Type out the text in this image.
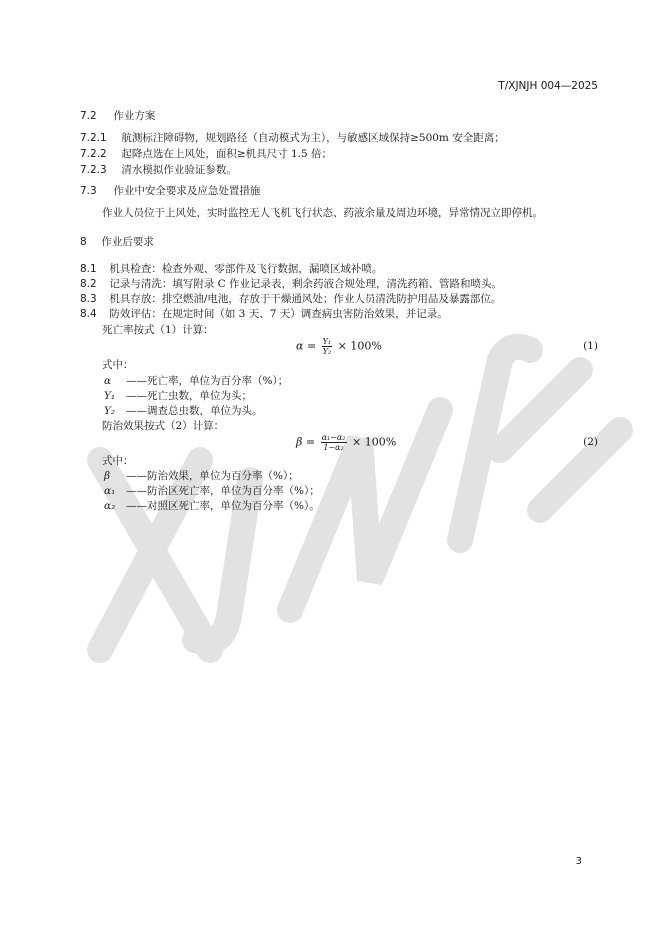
T/XJNJH 004—2025
7.2 作业方案
7.2.1 航测标注障碍物，规划路径（自动模式为主），与敏感区域保持≥500m 安全距离；
7.2.2 起降点选在上风处，面积≥机具尺寸 1.5 倍；
7.2.3 清水模拟作业验证参数。
7.3 作业中安全要求及应急处置措施
作业人员位于上风处，实时监控无人飞机飞行状态、药液余量及周边环境，异常情况立即停机。
8 作业后要求
8.1 机具检查：检查外观、零部件及飞行数据，漏喷区域补喷。
8.2 记录与清洗：填写附录 C 作业记录表，剩余药液合规处理，清洗药箱、管路和喷头。
8.3 机具存放：排空燃油/电池，存放于干燥通风处；作业人员清洗防护用品及暴露部位。
8.4 防效评估：在规定时间（如 3 天、7 天）调查病虫害防治效果，并记录。
死亡率按式（1）计算：
$\alpha = \frac{\text{Y₁}}{\text{Y₂}} \times 100\%$	(1)
式中：
α ——死亡率，单位为百分率（%）；
Y₁ ——死亡虫数，单位为头；
Y₂ ——调查总虫数，单位为头。
防治效果按式（2）计算：
$\beta = \frac{\text{α₁−α₂}}{\text{1−α₂}} \times 100\%$	(2)
式中：
β ——防治效果，单位为百分率（%）；
α₁ ——防治区死亡率，单位为百分率（%）；
α₂ ——对照区死亡率，单位为百分率（%）。
3
